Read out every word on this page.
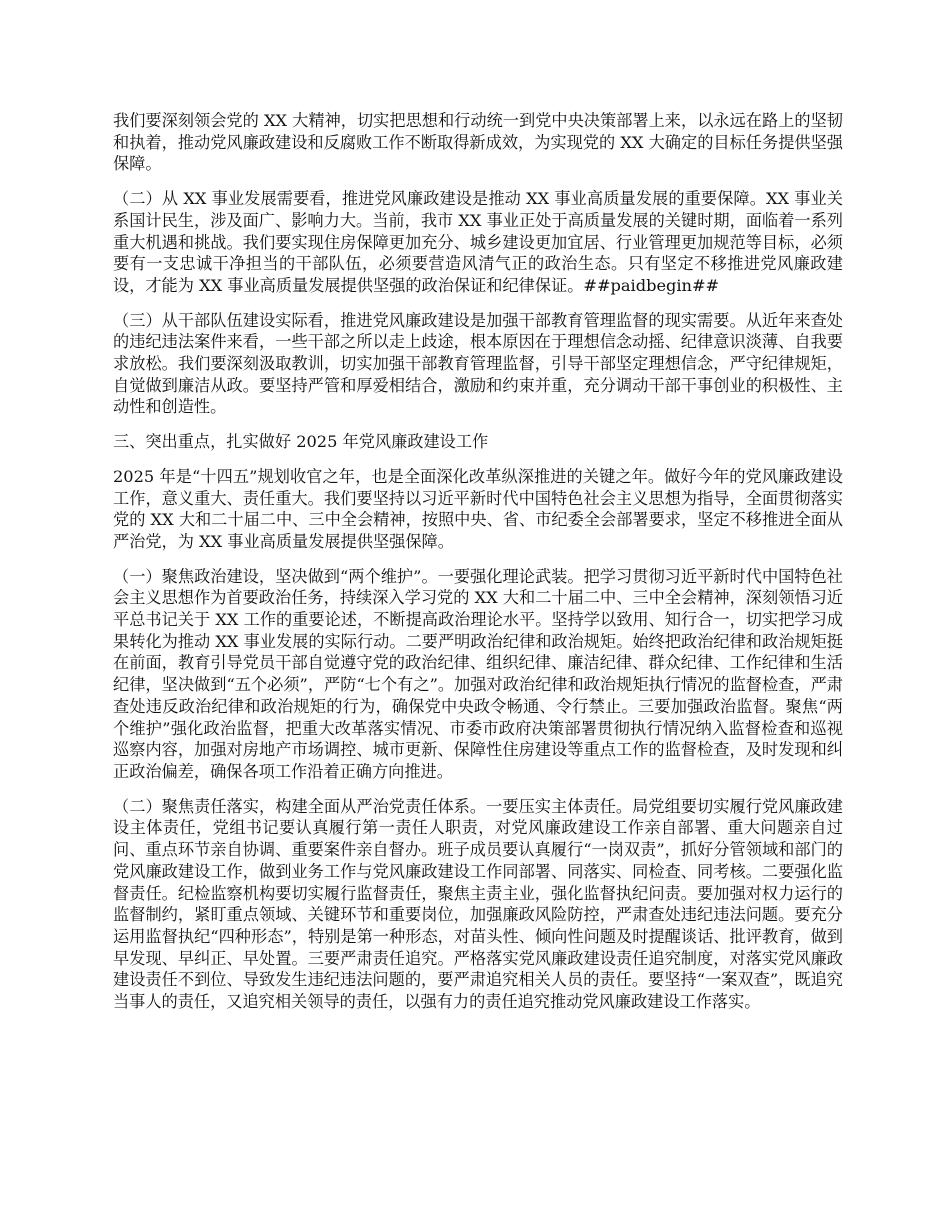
我们要深刻领会党的 XX 大精神，切实把思想和行动统一到党中央决策部署上来，以永远在路上的坚韧和执着，推动党风廉政建设和反腐败工作不断取得新成效，为实现党的 XX 大确定的目标任务提供坚强保障。

（二）从 XX 事业发展需要看，推进党风廉政建设是推动 XX 事业高质量发展的重要保障。XX 事业关系国计民生，涉及面广、影响力大。当前，我市 XX 事业正处于高质量发展的关键时期，面临着一系列重大机遇和挑战。我们要实现住房保障更加充分、城乡建设更加宜居、行业管理更加规范等目标，必须要有一支忠诚干净担当的干部队伍，必须要营造风清气正的政治生态。只有坚定不移推进党风廉政建设，才能为 XX 事业高质量发展提供坚强的政治保证和纪律保证。##paidbegin##

（三）从干部队伍建设实际看，推进党风廉政建设是加强干部教育管理监督的现实需要。从近年来查处的违纪违法案件来看，一些干部之所以走上歧途，根本原因在于理想信念动摇、纪律意识淡薄、自我要求放松。我们要深刻汲取教训，切实加强干部教育管理监督，引导干部坚定理想信念，严守纪律规矩，自觉做到廉洁从政。要坚持严管和厚爱相结合，激励和约束并重，充分调动干部干事创业的积极性、主动性和创造性。

三、突出重点，扎实做好 2025 年党风廉政建设工作

2025 年是“十四五”规划收官之年，也是全面深化改革纵深推进的关键之年。做好今年的党风廉政建设工作，意义重大、责任重大。我们要坚持以习近平新时代中国特色社会主义思想为指导，全面贯彻落实党的 XX 大和二十届二中、三中全会精神，按照中央、省、市纪委全会部署要求，坚定不移推进全面从严治党，为 XX 事业高质量发展提供坚强保障。

（一）聚焦政治建设，坚决做到“两个维护”。一要强化理论武装。把学习贯彻习近平新时代中国特色社会主义思想作为首要政治任务，持续深入学习党的 XX 大和二十届二中、三中全会精神，深刻领悟习近平总书记关于 XX 工作的重要论述，不断提高政治理论水平。坚持学以致用、知行合一，切实把学习成果转化为推动 XX 事业发展的实际行动。二要严明政治纪律和政治规矩。始终把政治纪律和政治规矩挺在前面，教育引导党员干部自觉遵守党的政治纪律、组织纪律、廉洁纪律、群众纪律、工作纪律和生活纪律，坚决做到“五个必须”，严防“七个有之”。加强对政治纪律和政治规矩执行情况的监督检查，严肃查处违反政治纪律和政治规矩的行为，确保党中央政令畅通、令行禁止。三要加强政治监督。聚焦“两个维护”强化政治监督，把重大改革落实情况、市委市政府决策部署贯彻执行情况纳入监督检查和巡视巡察内容，加强对房地产市场调控、城市更新、保障性住房建设等重点工作的监督检查，及时发现和纠正政治偏差，确保各项工作沿着正确方向推进。

（二）聚焦责任落实，构建全面从严治党责任体系。一要压实主体责任。局党组要切实履行党风廉政建设主体责任，党组书记要认真履行第一责任人职责，对党风廉政建设工作亲自部署、重大问题亲自过问、重点环节亲自协调、重要案件亲自督办。班子成员要认真履行“一岗双责”，抓好分管领域和部门的党风廉政建设工作，做到业务工作与党风廉政建设工作同部署、同落实、同检查、同考核。二要强化监督责任。纪检监察机构要切实履行监督责任，聚焦主责主业，强化监督执纪问责。要加强对权力运行的监督制约，紧盯重点领域、关键环节和重要岗位，加强廉政风险防控，严肃查处违纪违法问题。要充分运用监督执纪“四种形态”，特别是第一种形态，对苗头性、倾向性问题及时提醒谈话、批评教育，做到早发现、早纠正、早处置。三要严肃责任追究。严格落实党风廉政建设责任追究制度，对落实党风廉政建设责任不到位、导致发生违纪违法问题的，要严肃追究相关人员的责任。要坚持“一案双查”，既追究当事人的责任，又追究相关领导的责任，以强有力的责任追究推动党风廉政建设工作落实。
